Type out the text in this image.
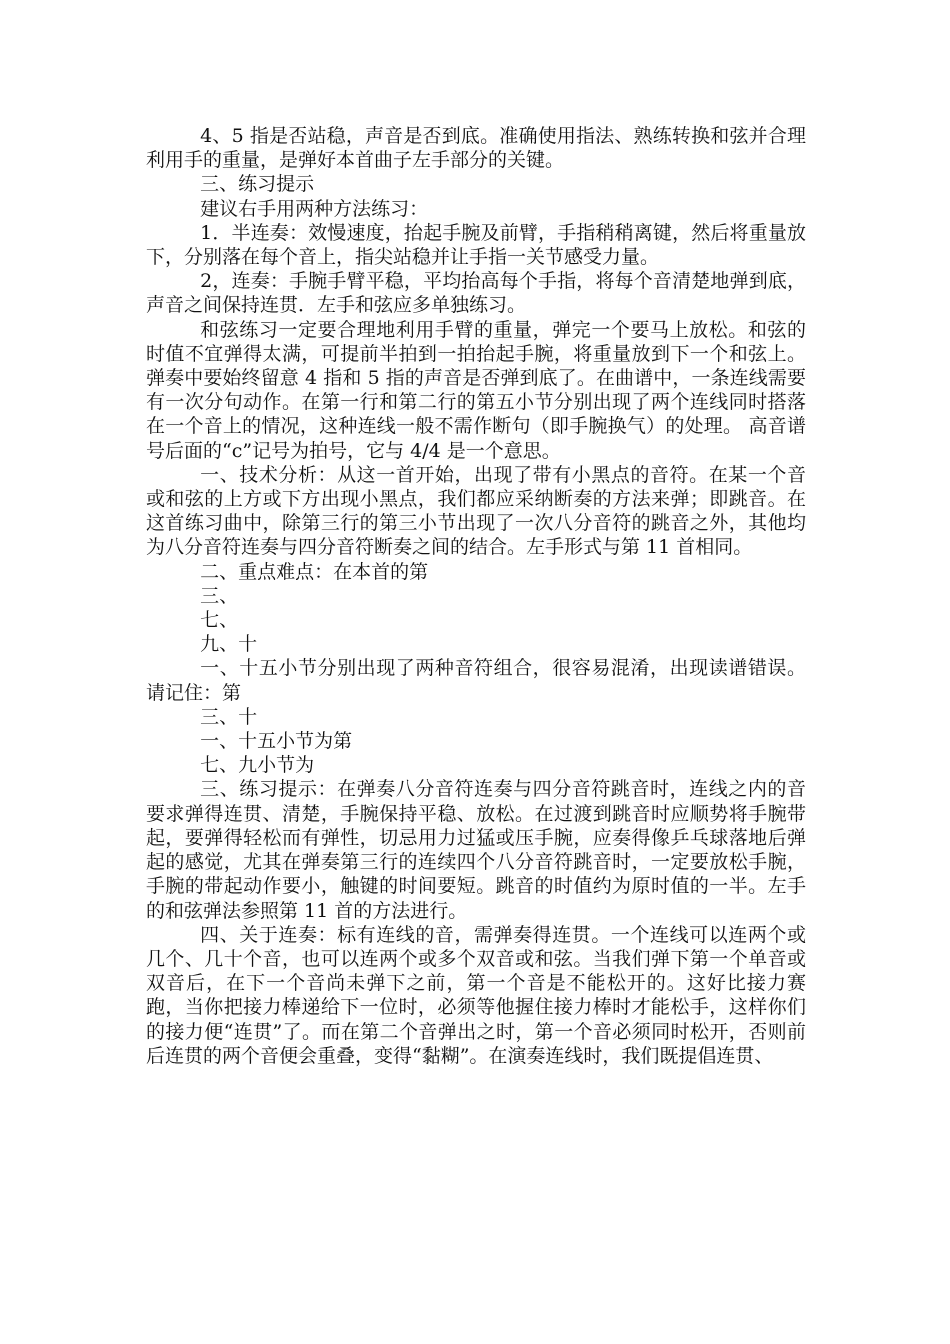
4、5 指是否站稳，声音是否到底。准确使用指法、熟练转换和弦并合理利用手的重量，是弹好本首曲子左手部分的关键。

三、练习提示

建议右手用两种方法练习：

1．半连奏：效慢速度，抬起手腕及前臂，手指稍稍离键，然后将重量放下，分别落在每个音上，指尖站稳并让手指一关节感受力量。

2，连奏：手腕手臂平稳，平均抬高每个手指，将每个音清楚地弹到底，声音之间保持连贯．左手和弦应多单独练习。

和弦练习一定要合理地利用手臂的重量，弹完一个要马上放松。和弦的时值不宜弹得太满，可提前半拍到一拍抬起手腕，将重量放到下一个和弦上。弹奏中要始终留意 4 指和 5 指的声音是否弹到底了。在曲谱中，一条连线需要有一次分句动作。在第一行和第二行的第五小节分别出现了两个连线同时搭落在一个音上的情况，这种连线一般不需作断句（即手腕换气）的处理。 高音谱号后面的“c”记号为拍号，它与 4/4 是一个意思。

一、技术分析：从这一首开始，出现了带有小黑点的音符。在某一个音或和弦的上方或下方出现小黑点，我们都应采纳断奏的方法来弹；即跳音。在这首练习曲中，除第三行的第三小节出现了一次八分音符的跳音之外，其他均为八分音符连奏与四分音符断奏之间的结合。左手形式与第 11 首相同。

二、重点难点：在本首的第

三、

七、

九、十

一、十五小节分别出现了两种音符组合，很容易混淆，出现读谱错误。请记住：第

三、十

一、十五小节为第

七、九小节为

三、练习提示：在弹奏八分音符连奏与四分音符跳音时，连线之内的音要求弹得连贯、清楚，手腕保持平稳、放松。在过渡到跳音时应顺势将手腕带起，要弹得轻松而有弹性，切忌用力过猛或压手腕，应奏得像乒乓球落地后弹起的感觉，尤其在弹奏第三行的连续四个八分音符跳音时，一定要放松手腕，手腕的带起动作要小，触键的时间要短。跳音的时值约为原时值的一半。左手的和弦弹法参照第 11 首的方法进行。

四、关于连奏：标有连线的音，需弹奏得连贯。一个连线可以连两个或几个、几十个音，也可以连两个或多个双音或和弦。当我们弹下第一个单音或双音后，在下一个音尚未弹下之前，第一个音是不能松开的。这好比接力赛跑，当你把接力棒递给下一位时，必须等他握住接力棒时才能松手，这样你们的接力便“连贯”了。而在第二个音弹出之时，第一个音必须同时松开，否则前后连贯的两个音便会重叠，变得“黏糊”。在演奏连线时，我们既提倡连贯、
